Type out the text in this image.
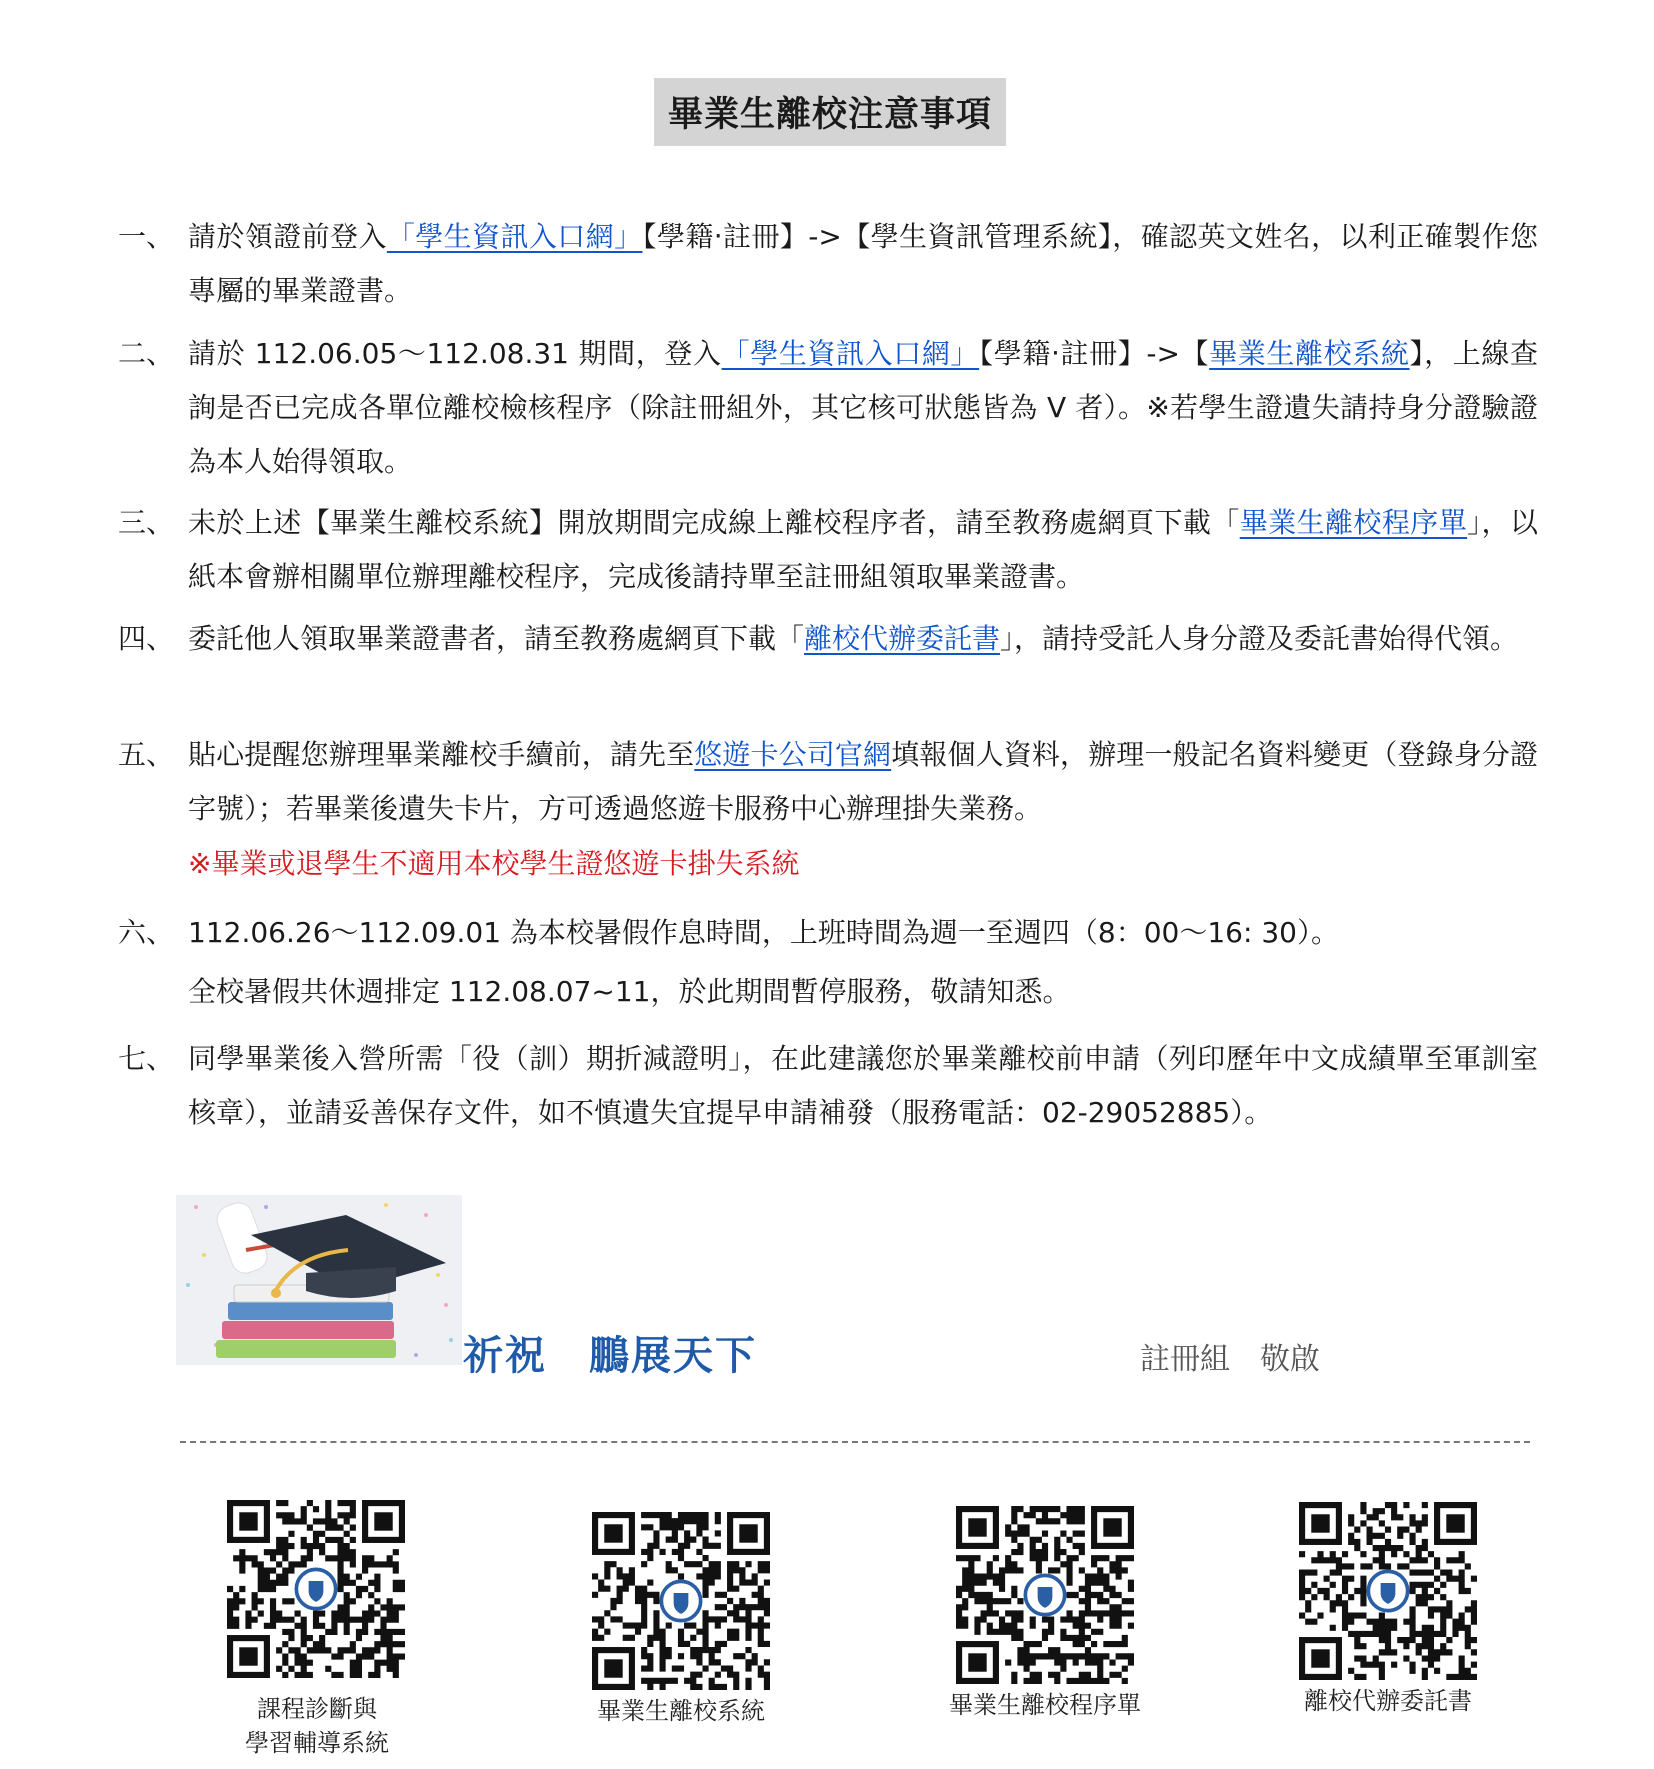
畢業生離校注意事項
一、 請於領證前登入「學生資訊入口網」【學籍‧註冊】->【學生資訊管理系統】，確認英文姓名，以利正確製作您專屬的畢業證書。
二、 請於 112.06.05～112.08.31 期間，登入「學生資訊入口網」【學籍‧註冊】->【畢業生離校系統】，上線查詢是否已完成各單位離校檢核程序（除註冊組外，其它核可狀態皆為 V 者）。※若學生證遺失請持身分證驗證為本人始得領取。
三、 未於上述【畢業生離校系統】開放期間完成線上離校程序者，請至教務處網頁下載「畢業生離校程序單」，以紙本會辦相關單位辦理離校程序，完成後請持單至註冊組領取畢業證書。
四、 委託他人領取畢業證書者，請至教務處網頁下載「離校代辦委託書」，請持受託人身分證及委託書始得代領。
五、 貼心提醒您辦理畢業離校手續前，請先至悠遊卡公司官網填報個人資料，辦理一般記名資料變更（登錄身分證字號）；若畢業後遺失卡片，方可透過悠遊卡服務中心辦理掛失業務。
※畢業或退學生不適用本校學生證悠遊卡掛失系統
六、 112.06.26～112.09.01 為本校暑假作息時間，上班時間為週一至週四（8：00～16: 30）。
全校暑假共休週排定 112.08.07~11，於此期間暫停服務，敬請知悉。
七、 同學畢業後入營所需「役（訓）期折減證明」，在此建議您於畢業離校前申請（列印歷年中文成績單至軍訓室核章），並請妥善保存文件，如不慎遺失宜提早申請補發（服務電話：02-29052885）。
祈祝　鵬展天下	註冊組　敬啟
課程診斷與
學習輔導系統
畢業生離校系統	畢業生離校程序單	離校代辦委託書
